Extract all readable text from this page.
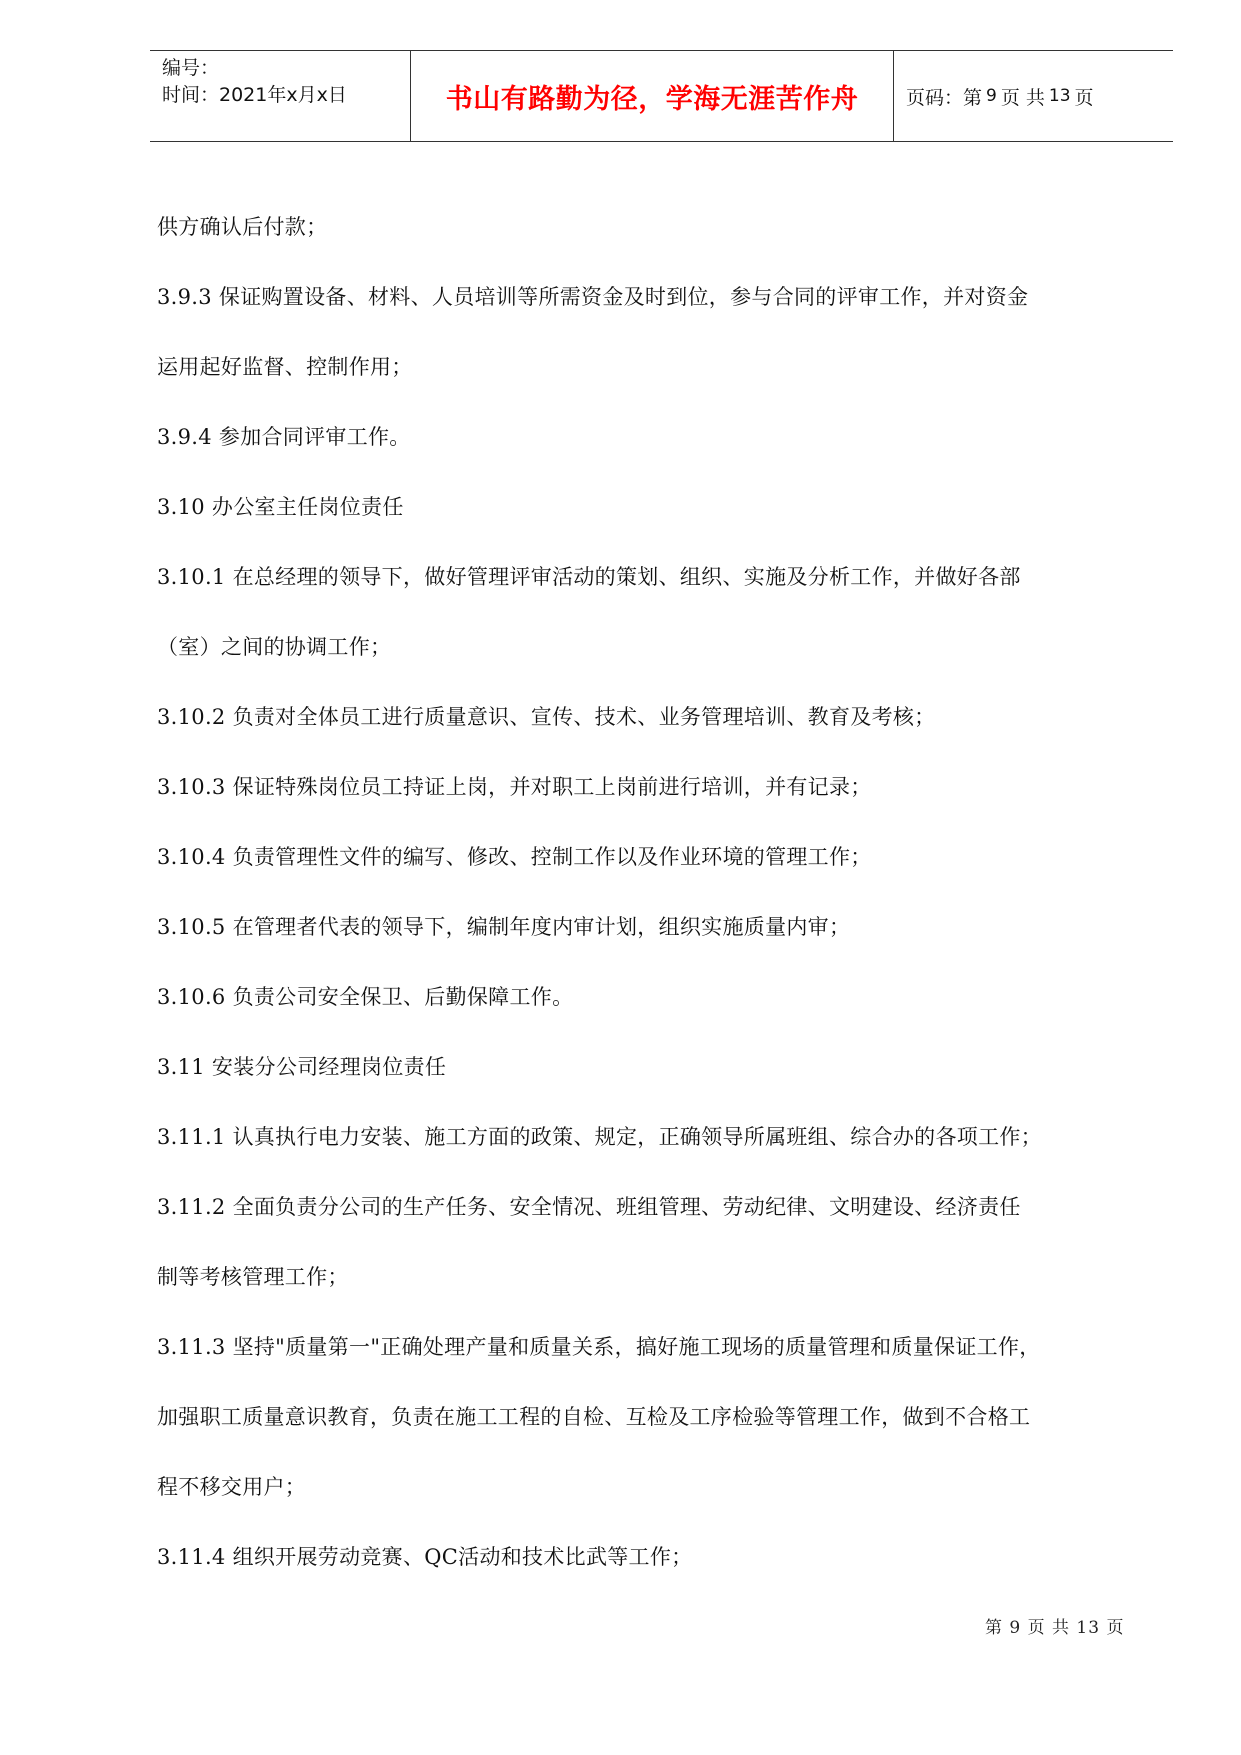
编号：
时间：2021年x月x日	书山有路勤为径，学海无涯苦作舟	页码：第 9 页 共 13 页

供方确认后付款；

3.9.3 保证购置设备、材料、人员培训等所需资金及时到位，参与合同的评审工作，并对资金

运用起好监督、控制作用；

3.9.4 参加合同评审工作。

3.10 办公室主任岗位责任

3.10.1 在总经理的领导下，做好管理评审活动的策划、组织、实施及分析工作，并做好各部

（室）之间的协调工作；

3.10.2 负责对全体员工进行质量意识、宣传、技术、业务管理培训、教育及考核；

3.10.3 保证特殊岗位员工持证上岗，并对职工上岗前进行培训，并有记录；

3.10.4 负责管理性文件的编写、修改、控制工作以及作业环境的管理工作；

3.10.5 在管理者代表的领导下，编制年度内审计划，组织实施质量内审；

3.10.6 负责公司安全保卫、后勤保障工作。

3.11 安装分公司经理岗位责任

3.11.1 认真执行电力安装、施工方面的政策、规定，正确领导所属班组、综合办的各项工作；

3.11.2 全面负责分公司的生产任务、安全情况、班组管理、劳动纪律、文明建设、经济责任

制等考核管理工作；

3.11.3 坚持"质量第一"正确处理产量和质量关系，搞好施工现场的质量管理和质量保证工作，

加强职工质量意识教育，负责在施工工程的自检、互检及工序检验等管理工作，做到不合格工

程不移交用户；

3.11.4 组织开展劳动竞赛、QC活动和技术比武等工作；

第 9 页 共 13 页
